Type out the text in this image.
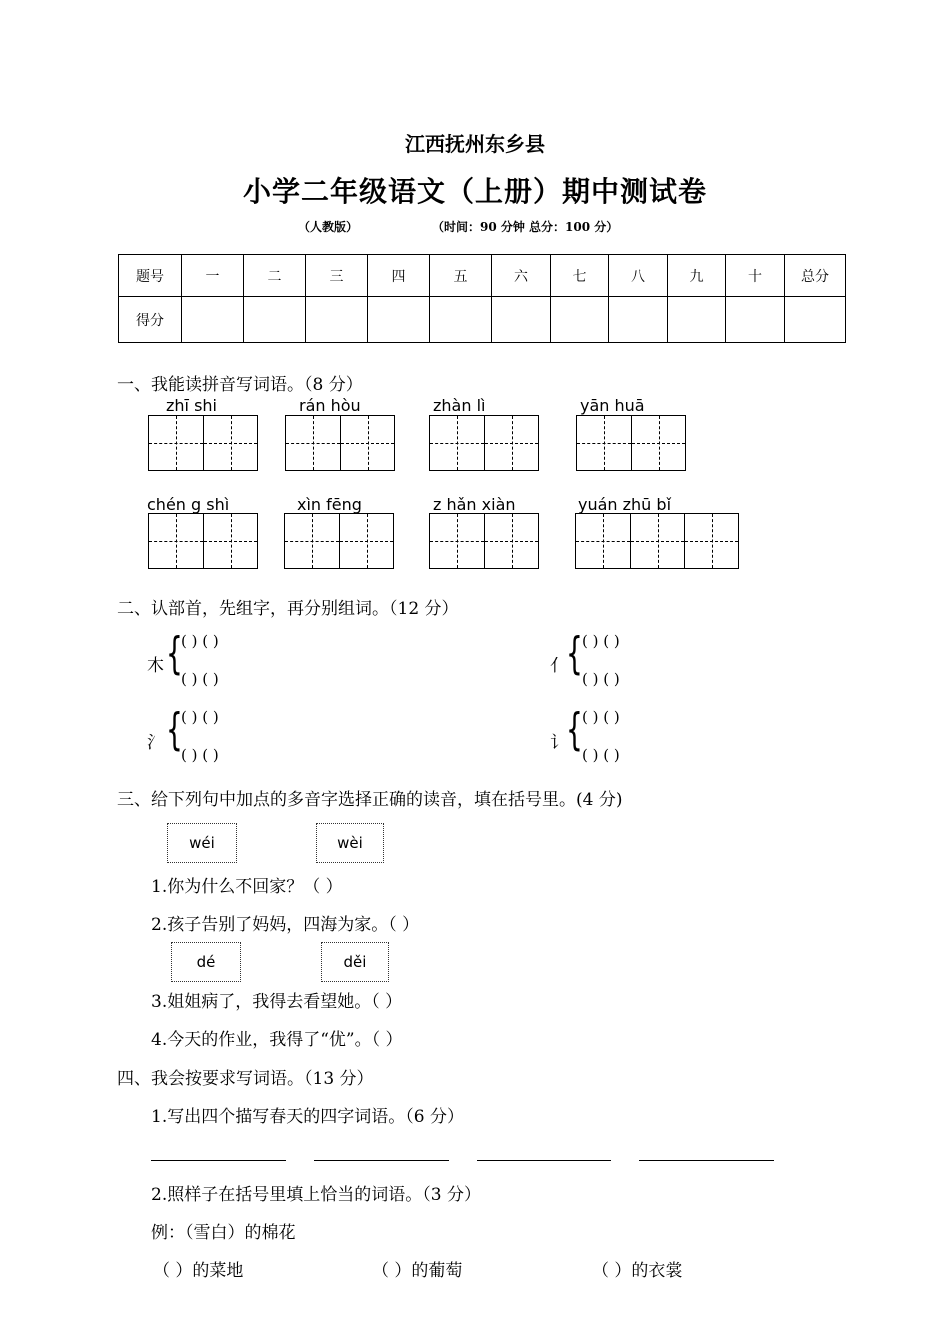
江西抚州东乡县
小学二年级语文（上册）期中测试卷
（人教版）	（时间：90 分钟 总分：100 分）
题号	一	二	三	四	五	六	七	八	九	十	总分
得分											
一、我能读拼音写词语。（8 分）
zhī shi	rán hòu	zhàn lì	yān huā
chén g shì	xìn fēng	z hǎn xiàn	yuán zhū bǐ
二、认部首，先组字，再分别组词。（12 分）
木 {
( ) ( )
( ) ( )
亻 { ( ) ( )
( ) ( )
氵 {
( ) ( )
( ) ( )
讠 { ( ) ( )
( ) ( )
三、给下列句中加点的多音字选择正确的读音，填在括号里。(4 分)
wéi	wèi
1.你为什么不回家？（ ）
2.孩子告别了妈妈，四海为家。（ ）
dé	děi
3.姐姐病了，我得去看望她。（ ）
4.今天的作业，我得了“优”。（ ）
四、我会按要求写词语。（13 分）
1.写出四个描写春天的四字词语。（6 分）
2.照样子在括号里填上恰当的词语。（3 分）
例：（雪白）的棉花
（ ）的菜地	（ ）的葡萄	（ ）的衣裳
